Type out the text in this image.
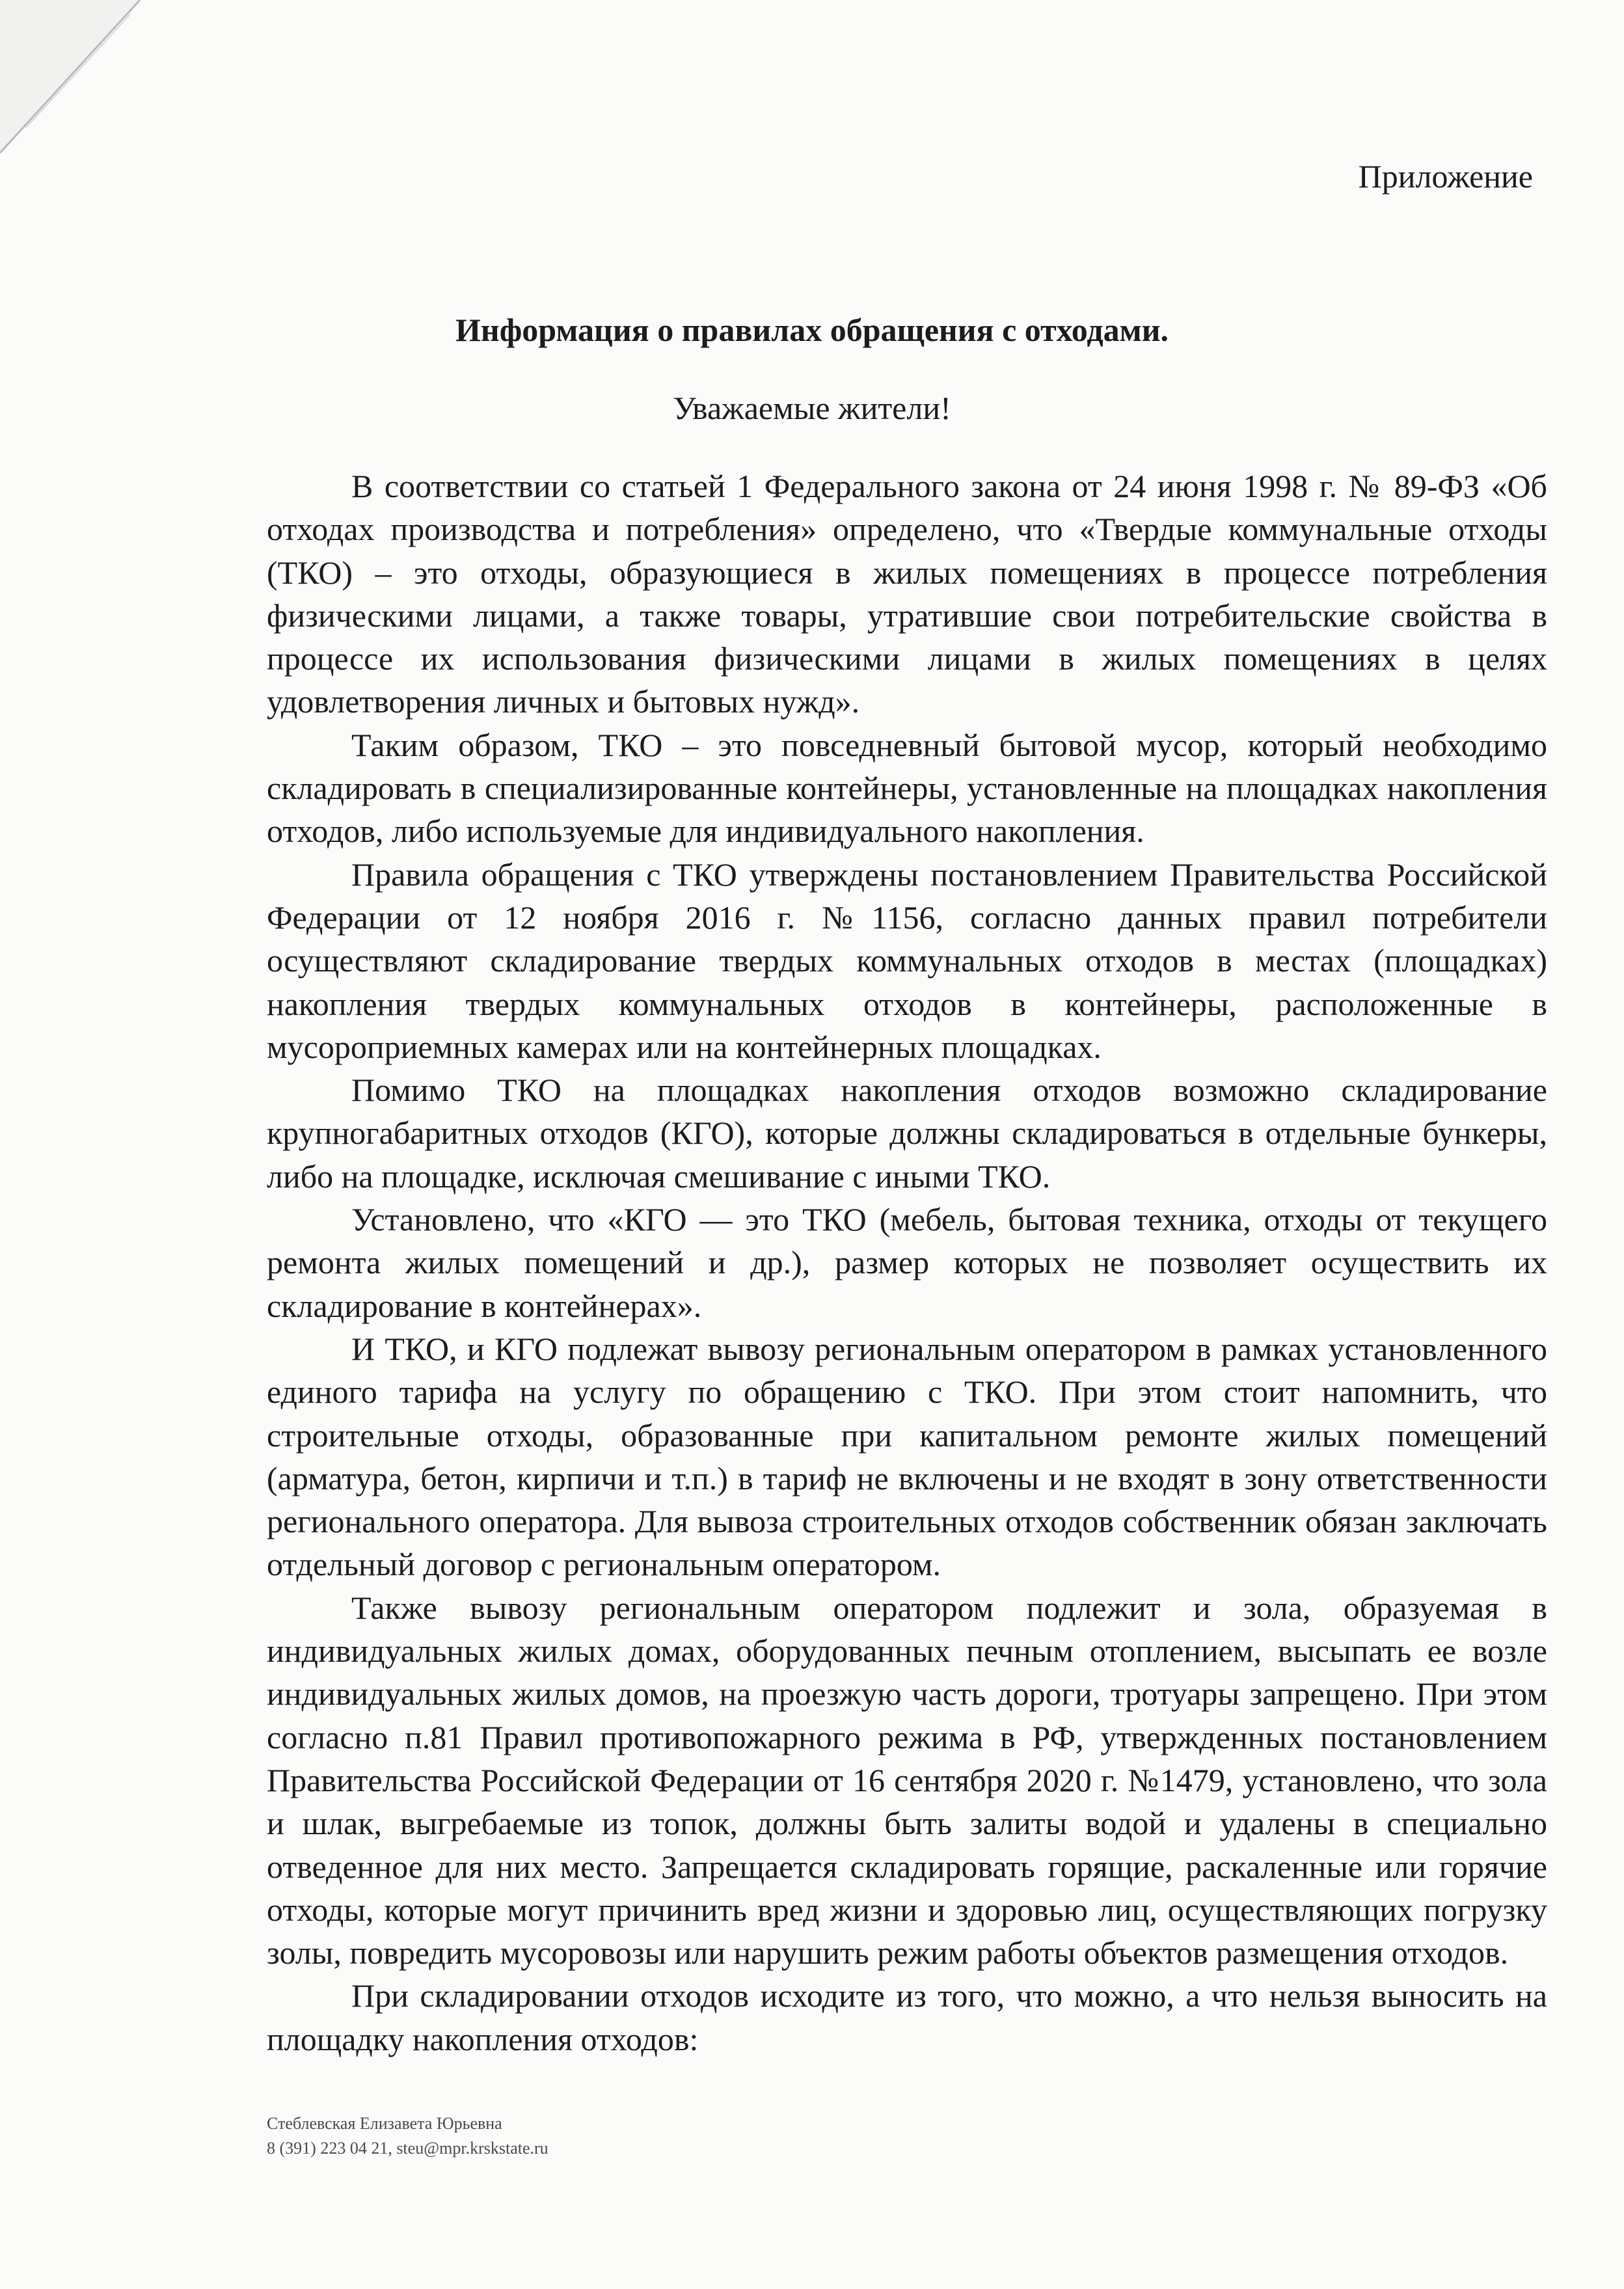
Приложение

Информация о правилах обращения с отходами.

Уважаемые жители!

В соответствии со статьей 1 Федерального закона от 24 июня 1998 г. № 89-ФЗ «Об отходах производства и потребления» определено, что «Твердые коммунальные отходы (ТКО) – это отходы, образующиеся в жилых помещениях в процессе потребления физическими лицами, а также товары, утратившие свои потребительские свойства в процессе их использования физическими лицами в жилых помещениях в целях удовлетворения личных и бытовых нужд».

Таким образом, ТКО – это повседневный бытовой мусор, который необходимо складировать в специализированные контейнеры, установленные на площадках накопления отходов, либо используемые для индивидуального накопления.

Правила обращения с ТКО утверждены постановлением Правительства Российской Федерации от 12 ноября 2016 г. №1156, согласно данных правил потребители осуществляют складирование твердых коммунальных отходов в местах (площадках) накопления твердых коммунальных отходов в контейнеры, расположенные в мусороприемных камерах или на контейнерных площадках.

Помимо ТКО на площадках накопления отходов возможно складирование крупногабаритных отходов (КГО), которые должны складироваться в отдельные бункеры, либо на площадке, исключая смешивание с иными ТКО.

Установлено, что «КГО — это ТКО (мебель, бытовая техника, отходы от текущего ремонта жилых помещений и др.), размер которых не позволяет осуществить их складирование в контейнерах».

И ТКО, и КГО подлежат вывозу региональным оператором в рамках установленного единого тарифа на услугу по обращению с ТКО. При этом стоит напомнить, что строительные отходы, образованные при капитальном ремонте жилых помещений (арматура, бетон, кирпичи и т.п.) в тариф не включены и не входят в зону ответственности регионального оператора. Для вывоза строительных отходов собственник обязан заключать отдельный договор с региональным оператором.

Также вывозу региональным оператором подлежит и зола, образуемая в индивидуальных жилых домах, оборудованных печным отоплением, высыпать ее возле индивидуальных жилых домов, на проезжую часть дороги, тротуары запрещено. При этом согласно п.81 Правил противопожарного режима в РФ, утвержденных постановлением Правительства Российской Федерации от 16 сентября 2020 г. №1479, установлено, что зола и шлак, выгребаемые из топок, должны быть залиты водой и удалены в специально отведенное для них место. Запрещается складировать горящие, раскаленные или горячие отходы, которые могут причинить вред жизни и здоровью лиц, осуществляющих погрузку золы, повредить мусоровозы или нарушить режим работы объектов размещения отходов.

При складировании отходов исходите из того, что можно, а что нельзя выносить на площадку накопления отходов:

Стеблевская Елизавета Юрьевна
8 (391) 223 04 21, steu@mpr.krskstate.ru
